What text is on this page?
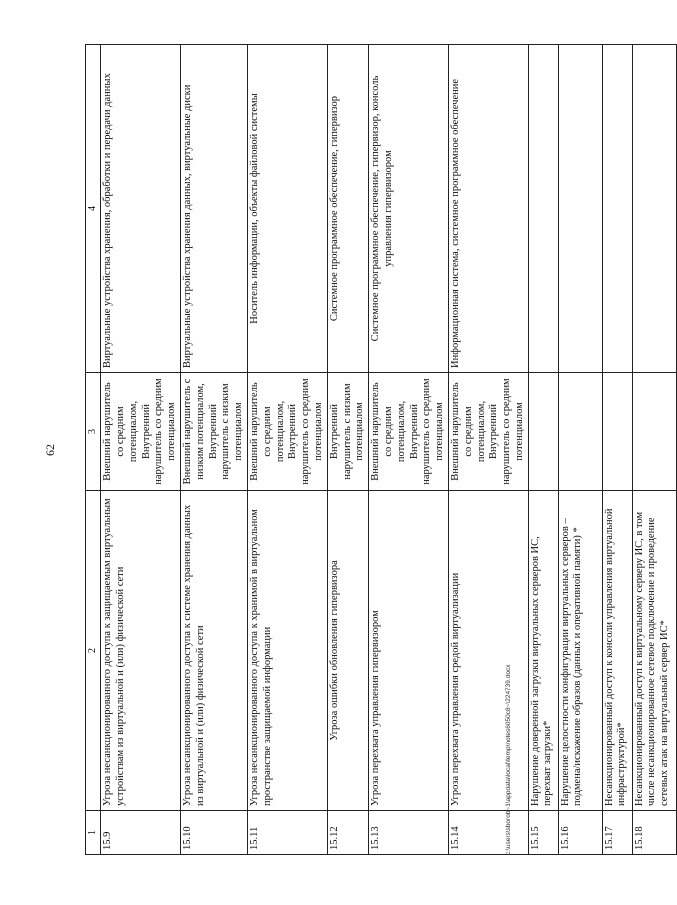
62
1	2	3	4
15.9	Угроза несанкционированного доступа к защищаемым виртуальным устройствам из виртуальной и (или) физической сети	Внешний нарушитель со средним потенциалом, Внутренний нарушитель со средним потенциалом	Виртуальные устройства хранения, обработки и передачи данных
15.10	Угроза несанкционированного доступа к системе хранения данных из виртуальной и (или) физической сети	Внешний нарушитель с низким потенциалом, Внутренний нарушитель с низким потенциалом	Виртуальные устройства хранения данных, виртуальные диски
15.11	Угроза несанкционированного доступа к хранимой в виртуальном пространстве защищаемой информации	Внешний нарушитель со средним потенциалом, Внутренний нарушитель со средним потенциалом	Носитель информации, объекты файловой системы
15.12	Угроза ошибки обновления гипервизора	Внутренний нарушитель с низким потенциалом	Системное программное обеспечение, гипервизор
15.13	Угроза перехвата управления гипервизором	Внешний нарушитель со средним потенциалом, Внутренний нарушитель со средним потенциалом	Системное программное обеспечение, гипервизор, консоль управления гипервизором
15.14	Угроза перехвата управления средой виртуализации	Внешний нарушитель со средним потенциалом, Внутренний нарушитель со средним потенциалом	Информационная система, системное программное обеспечение
15.15	Нарушение доверенной загрузки виртуальных серверов ИС, перехват загрузки*		
15.16	Нарушение целостности конфигурации виртуальных серверов – подмена/искажение образов (данных и оперативной памяти) *		
15.17	Несанкционированный доступ к консоли управления виртуальной инфраструктурой*		
15.18	Несанкционированный доступ к виртуальному серверу ИС, в том числе несанкционированное сетевое подключение и проведение сетевых атак на виртуальный сервер ИС*		
c:\users\sborob~1\appdata\local\temp\notes6050c8~\224739.docx
